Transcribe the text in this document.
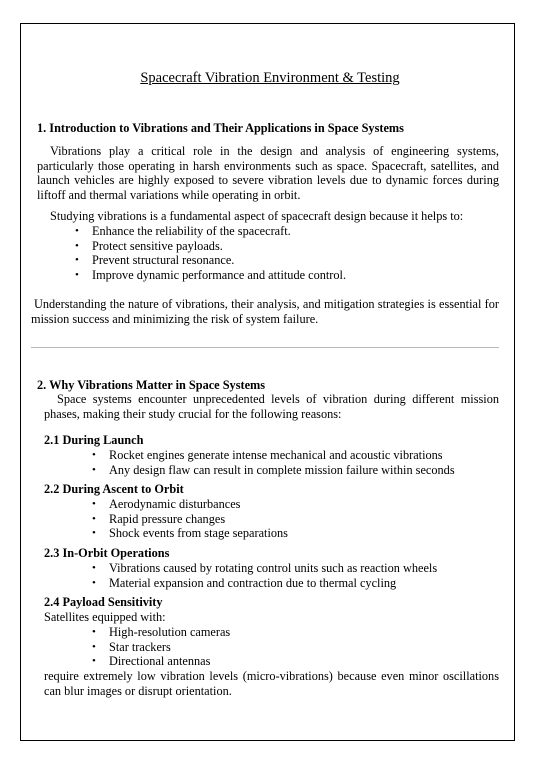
Spacecraft Vibration Environment & Testing
1. Introduction to Vibrations and Their Applications in Space Systems
Vibrations play a critical role in the design and analysis of engineering systems, particularly those operating in harsh environments such as space. Spacecraft, satellites, and launch vehicles are highly exposed to severe vibration levels due to dynamic forces during liftoff and thermal variations while operating in orbit.
Studying vibrations is a fundamental aspect of spacecraft design because it helps to:
• Enhance the reliability of the spacecraft.
• Protect sensitive payloads.
• Prevent structural resonance.
• Improve dynamic performance and attitude control.
Understanding the nature of vibrations, their analysis, and mitigation strategies is essential for mission success and minimizing the risk of system failure.
2. Why Vibrations Matter in Space Systems
Space systems encounter unprecedented levels of vibration during different mission phases, making their study crucial for the following reasons:
2.1 During Launch
• Rocket engines generate intense mechanical and acoustic vibrations
• Any design flaw can result in complete mission failure within seconds
2.2 During Ascent to Orbit
• Aerodynamic disturbances
• Rapid pressure changes
• Shock events from stage separations
2.3 In-Orbit Operations
• Vibrations caused by rotating control units such as reaction wheels
• Material expansion and contraction due to thermal cycling
2.4 Payload Sensitivity
Satellites equipped with:
• High-resolution cameras
• Star trackers
• Directional antennas
require extremely low vibration levels (micro-vibrations) because even minor oscillations can blur images or disrupt orientation.
